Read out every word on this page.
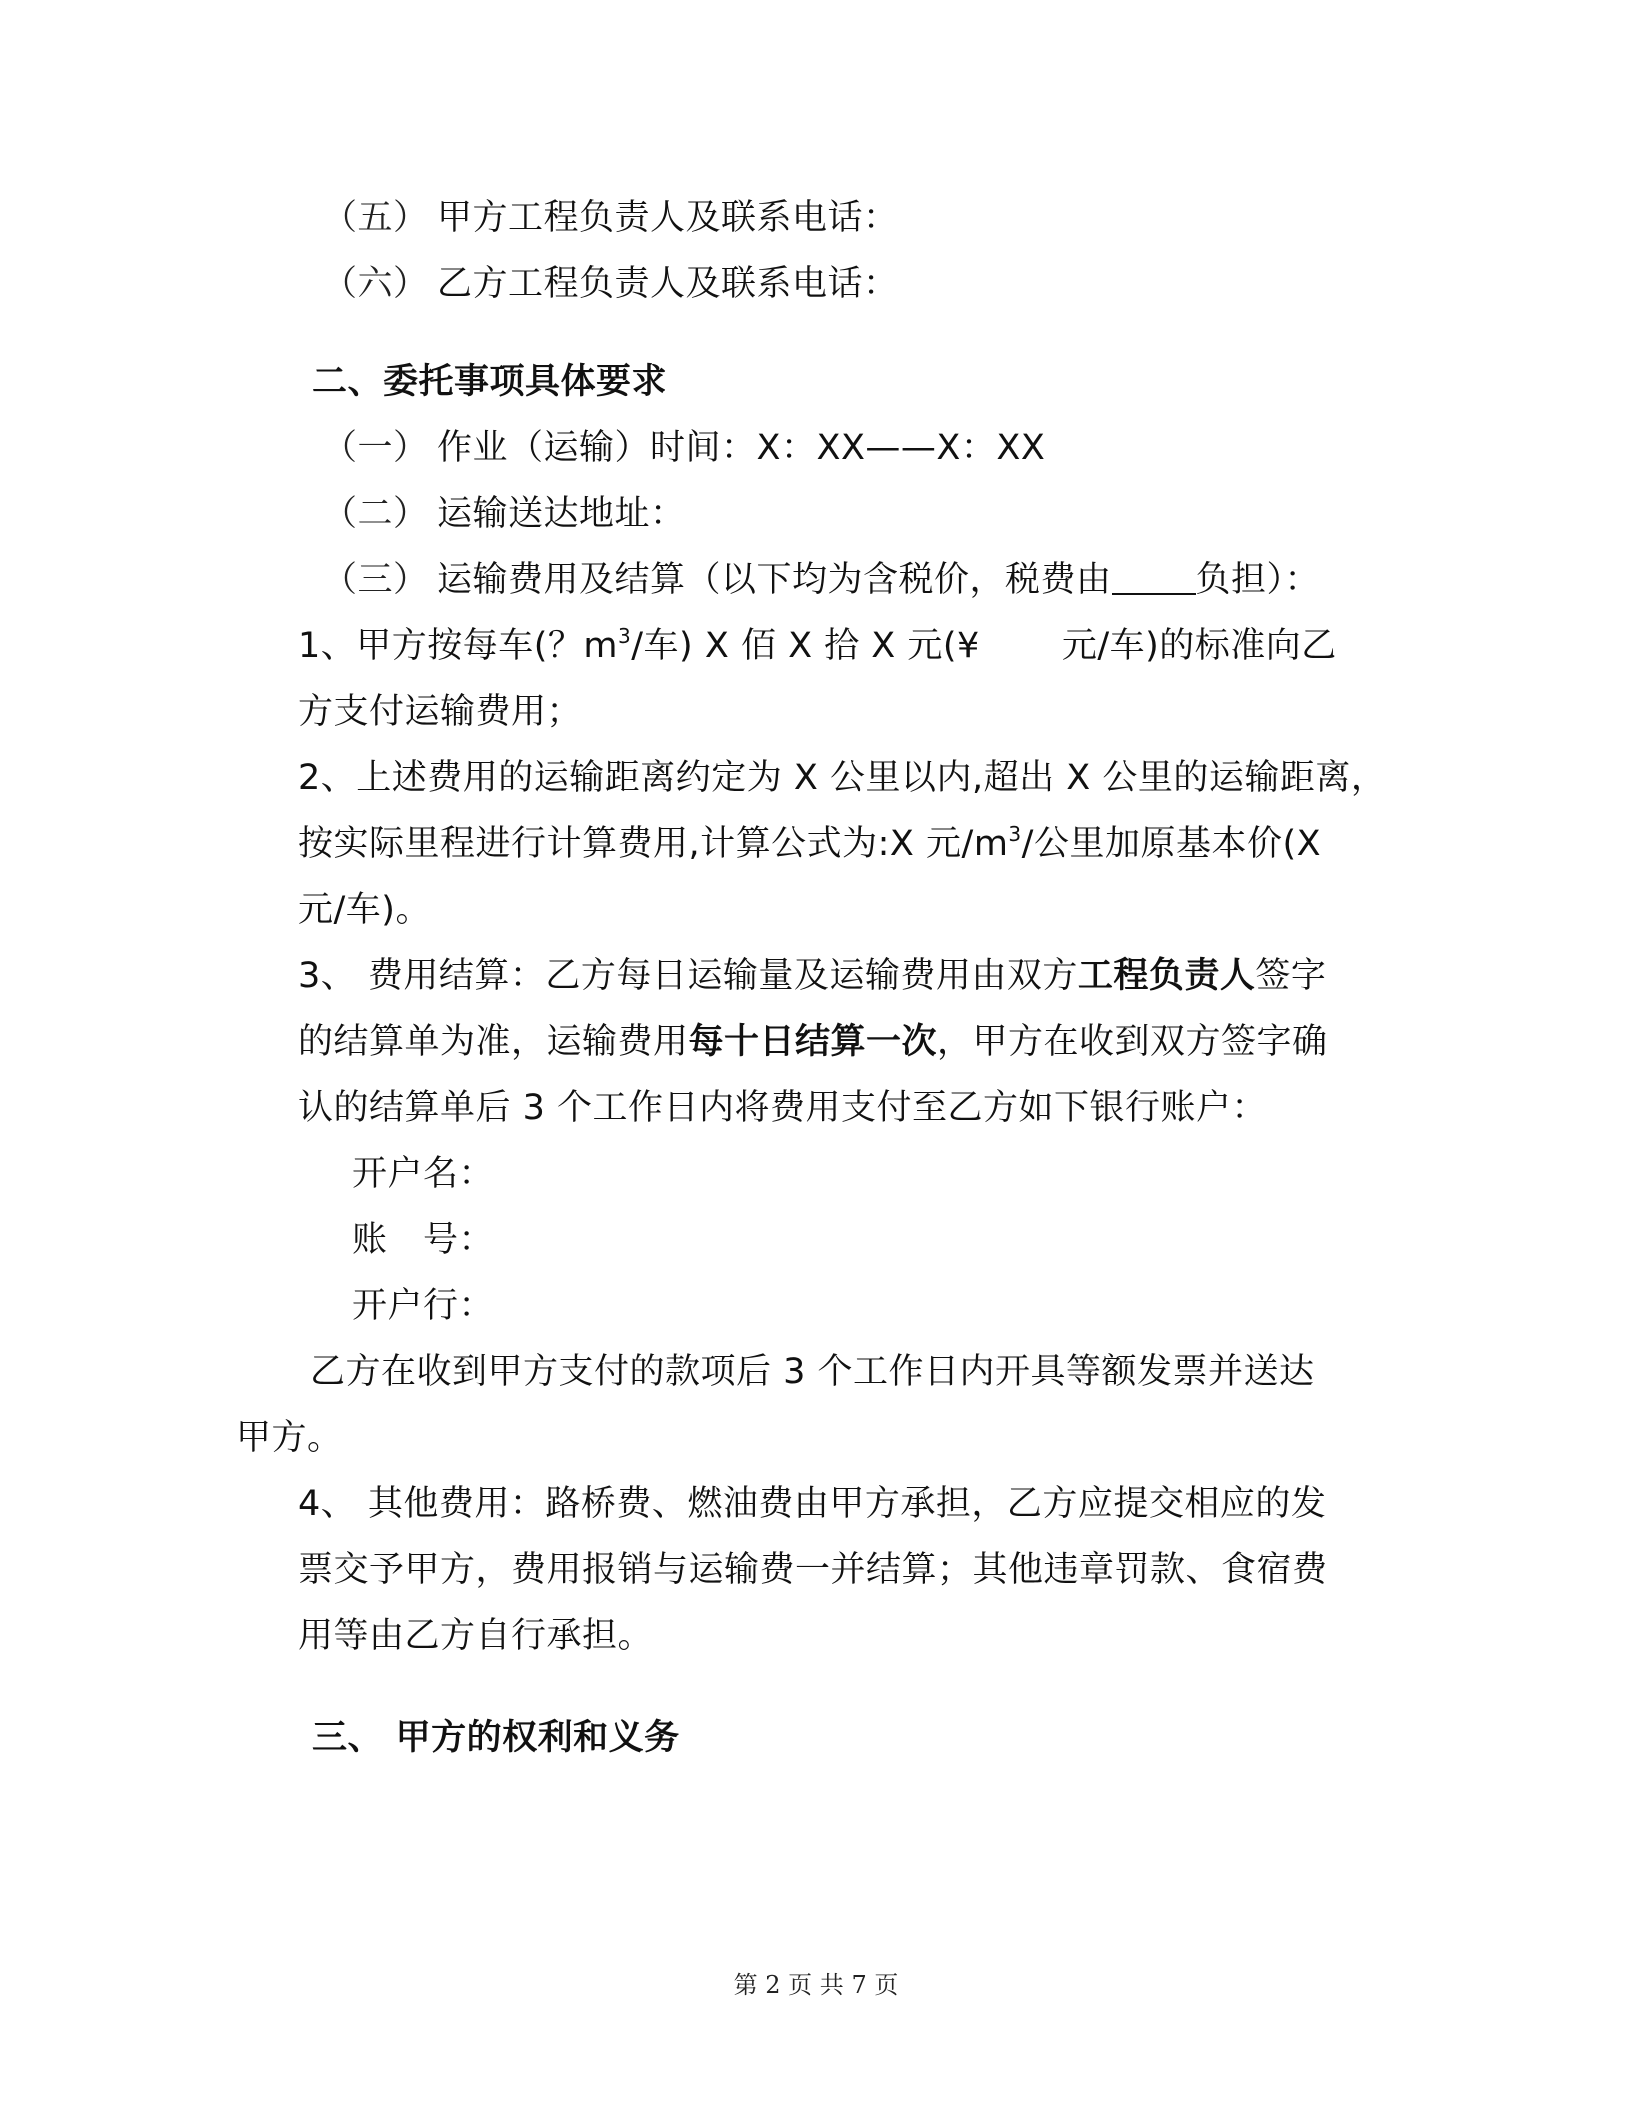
（五） 甲方工程负责人及联系电话：
（六） 乙方工程负责人及联系电话：
二、委托事项具体要求
（一） 作业（运输）时间：X：XX——X：XX
（二） 运输送达地址：
（三） 运输费用及结算（以下均为含税价，税费由 负担）：
1、甲方按每车(？$m^3/$车) X 佰 X 拾 X 元(¥ 元/车)的标准向乙
方支付运输费用；
2、上述费用的运输距离约定为 X 公里以内,超出 X 公里的运输距离，
按实际里程进行计算费用,计算公式为:X 元$/m^3/$公里加原基本价(X
元/车)。
3、 费用结算：乙方每日运输量及运输费用由双方工程负责人签字
的结算单为准，运输费用每十日结算一次，甲方在收到双方签字确
认的结算单后 3 个工作日内将费用支付至乙方如下银行账户：
开户名：
账　号：
开户行：
乙方在收到甲方支付的款项后 3 个工作日内开具等额发票并送达
甲方。
4、 其他费用：路桥费、燃油费由甲方承担，乙方应提交相应的发
票交予甲方，费用报销与运输费一并结算；其他违章罚款、食宿费
用等由乙方自行承担。
三、 甲方的权利和义务
第 2 页 共 7 页
